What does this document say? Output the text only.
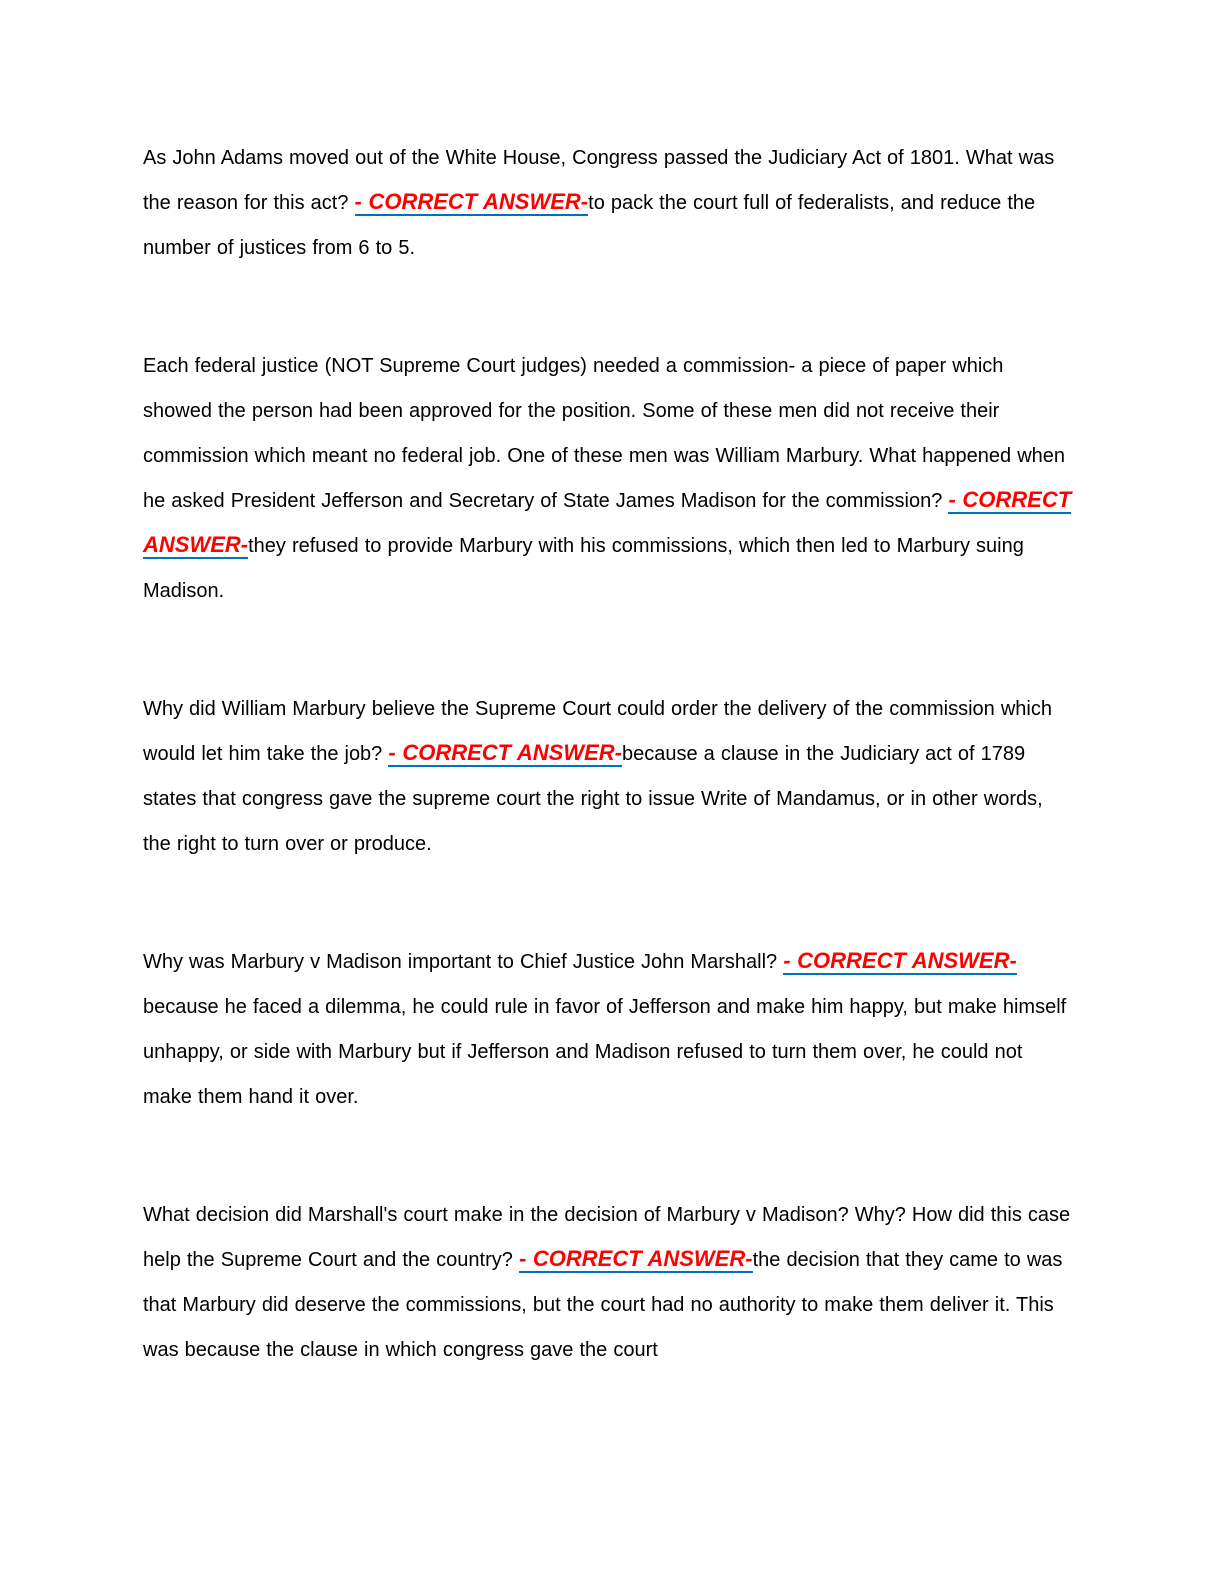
As John Adams moved out of the White House, Congress passed the Judiciary Act of 1801. What was the reason for this act? - CORRECT ANSWER-to pack the court full of federalists, and reduce the number of justices from 6 to 5.

Each federal justice (NOT Supreme Court judges) needed a commission- a piece of paper which showed the person had been approved for the position. Some of these men did not receive their commission which meant no federal job. One of these men was William Marbury. What happened when he asked President Jefferson and Secretary of State James Madison for the commission? - CORRECT ANSWER-they refused to provide Marbury with his commissions, which then led to Marbury suing Madison.

Why did William Marbury believe the Supreme Court could order the delivery of the commission which would let him take the job? - CORRECT ANSWER-because a clause in the Judiciary act of 1789 states that congress gave the supreme court the right to issue Write of Mandamus, or in other words, the right to turn over or produce.

Why was Marbury v Madison important to Chief Justice John Marshall? - CORRECT ANSWER-because he faced a dilemma, he could rule in favor of Jefferson and make him happy, but make himself unhappy, or side with Marbury but if Jefferson and Madison refused to turn them over, he could not make them hand it over.

What decision did Marshall's court make in the decision of Marbury v Madison? Why? How did this case help the Supreme Court and the country? - CORRECT ANSWER-the decision that they came to was that Marbury did deserve the commissions, but the court had no authority to make them deliver it. This was because the clause in which congress gave the court
